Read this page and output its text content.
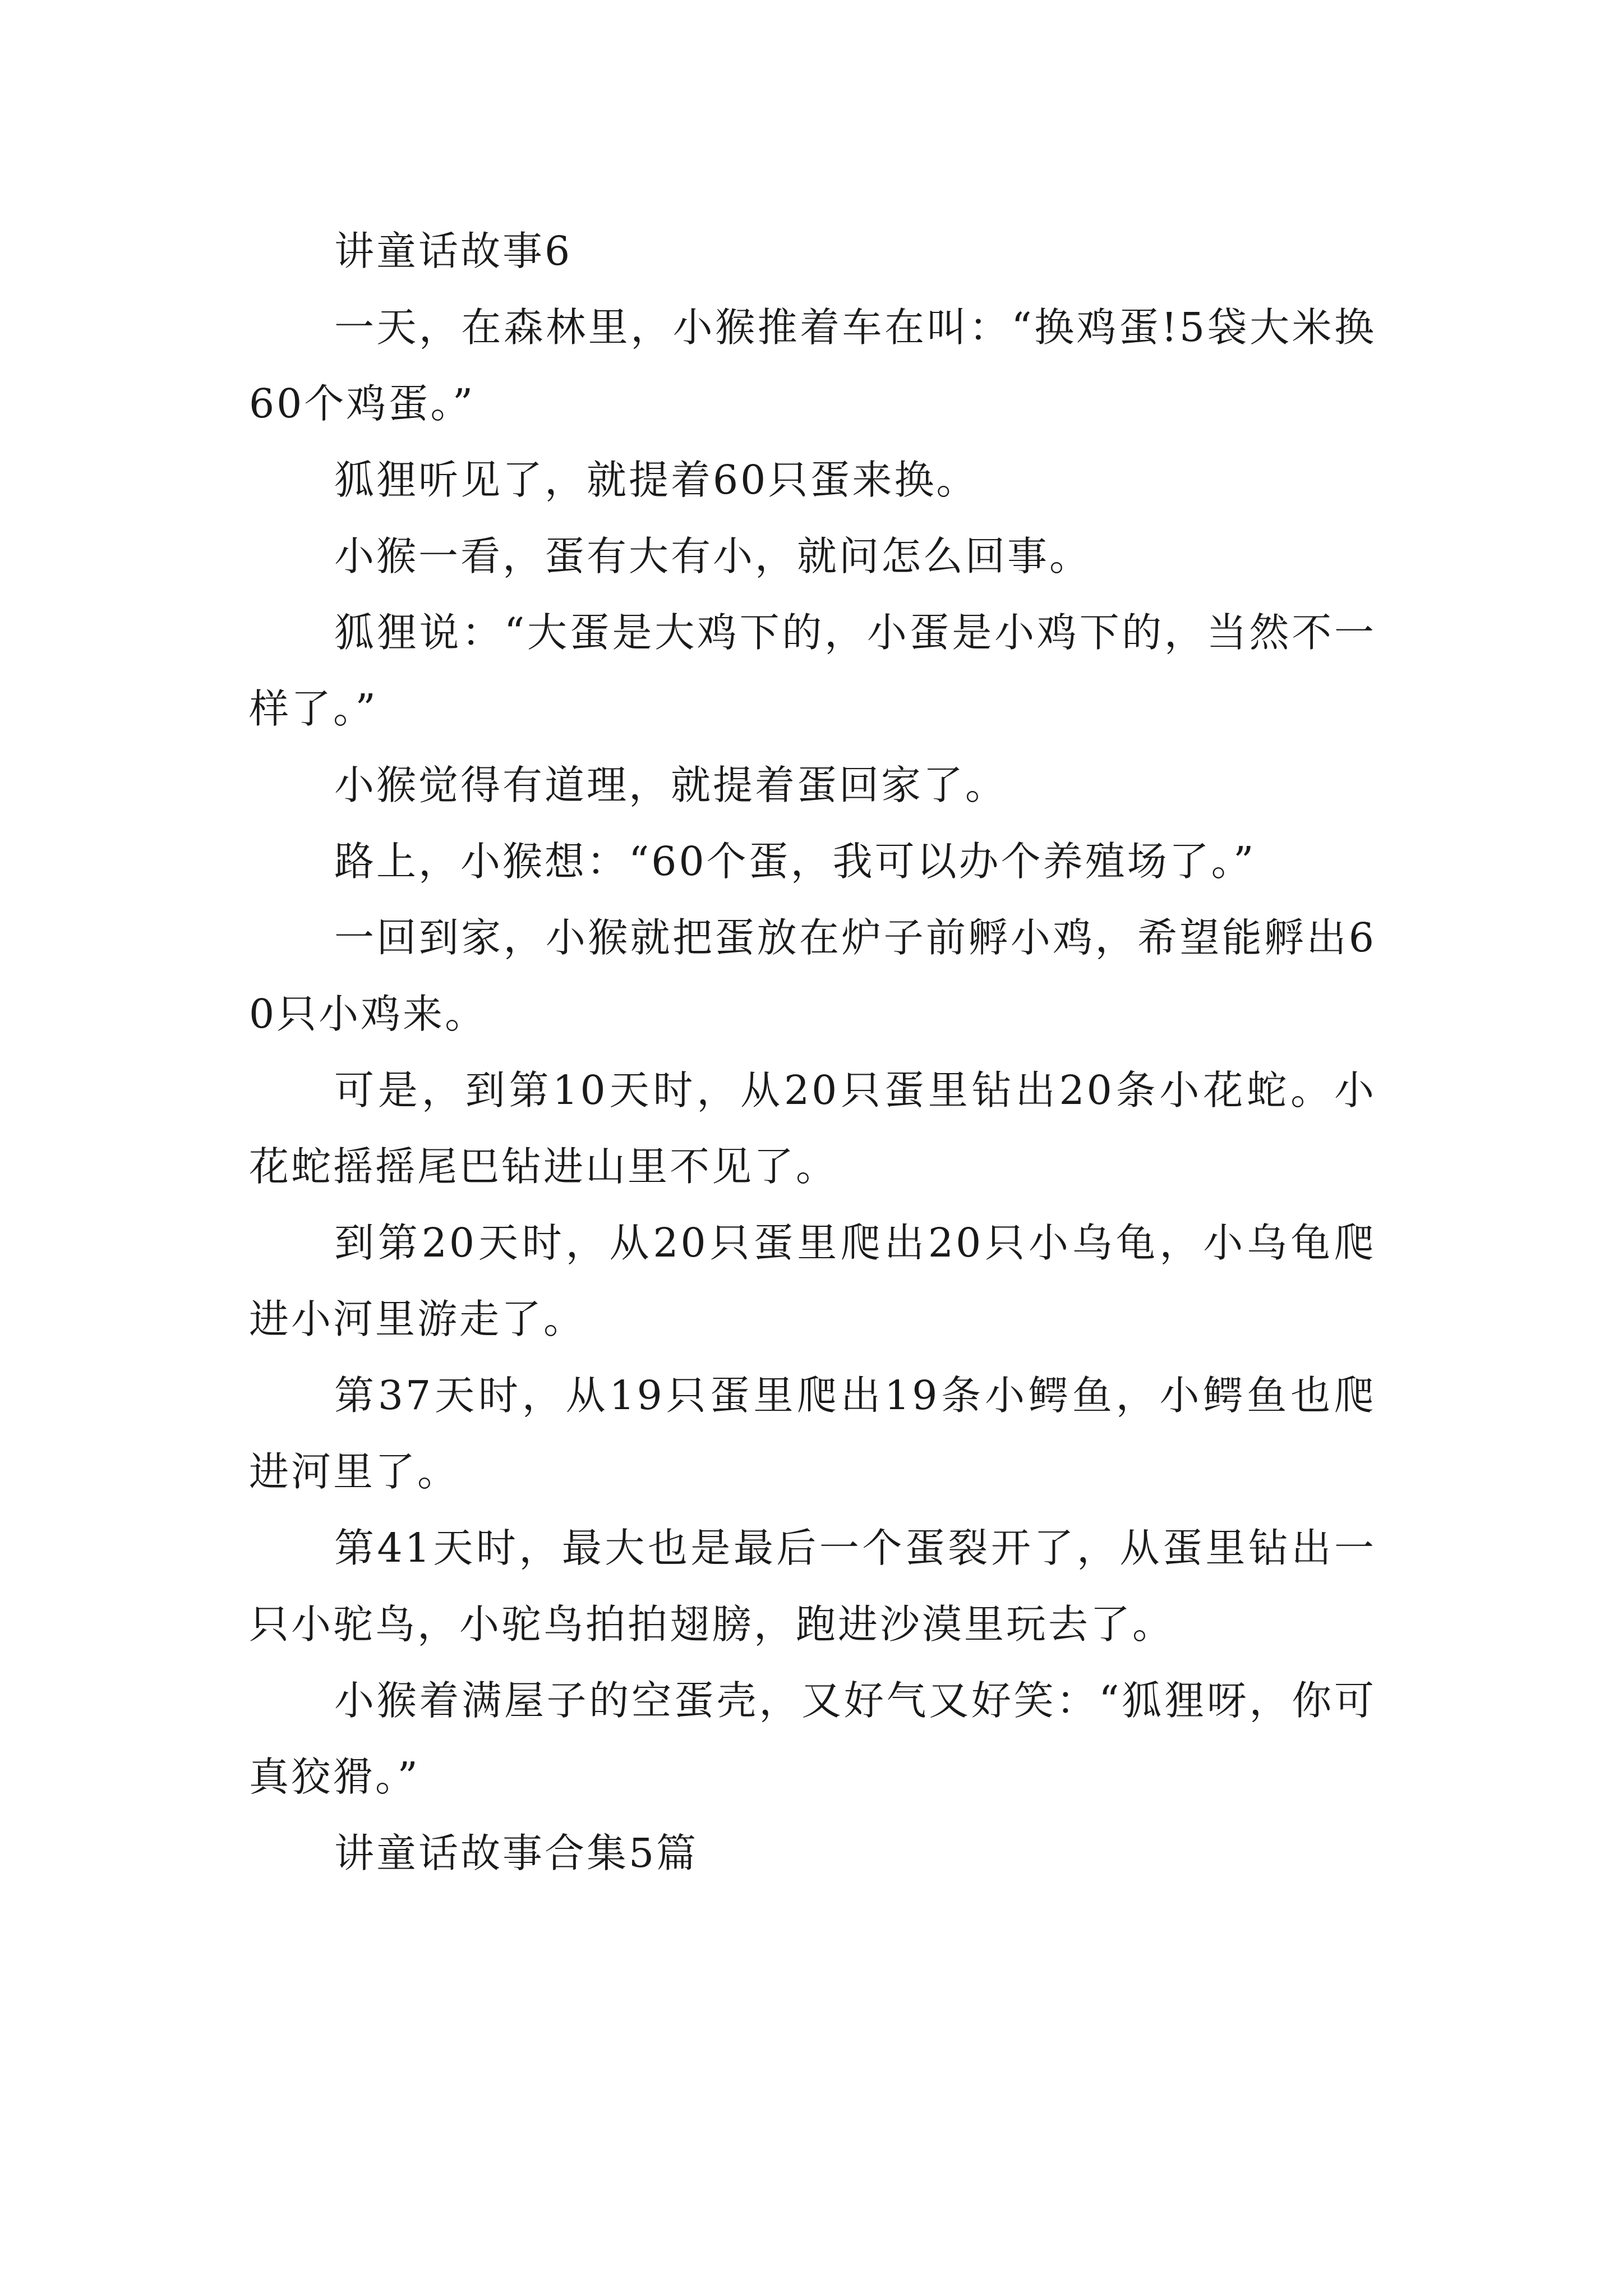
讲童话故事6

一天，在森林里，小猴推着车在叫：“换鸡蛋!5袋大米换60个鸡蛋。”

狐狸听见了，就提着60只蛋来换。

小猴一看，蛋有大有小，就问怎么回事。

狐狸说：“大蛋是大鸡下的，小蛋是小鸡下的，当然不一样了。”

小猴觉得有道理，就提着蛋回家了。

路上，小猴想：“60个蛋，我可以办个养殖场了。”

一回到家，小猴就把蛋放在炉子前孵小鸡，希望能孵出60只小鸡来。

可是，到第10天时，从20只蛋里钻出20条小花蛇。小花蛇摇摇尾巴钻进山里不见了。

到第20天时，从20只蛋里爬出20只小乌龟，小乌龟爬进小河里游走了。

第37天时，从19只蛋里爬出19条小鳄鱼，小鳄鱼也爬进河里了。

第41天时，最大也是最后一个蛋裂开了，从蛋里钻出一只小驼鸟，小驼鸟拍拍翅膀，跑进沙漠里玩去了。

小猴着满屋子的空蛋壳，又好气又好笑：“狐狸呀，你可真狡猾。”

讲童话故事合集5篇
